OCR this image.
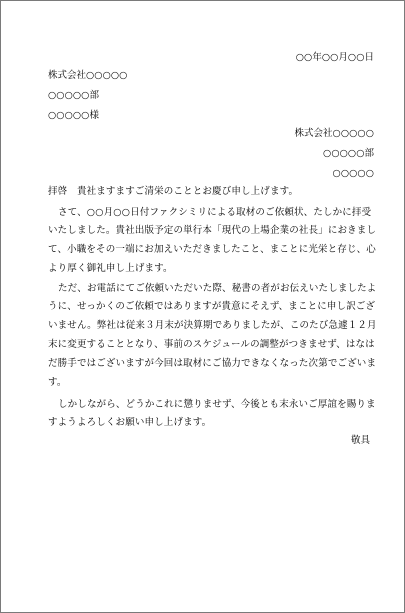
○○年○○月○○日
株式会社○○○○○
○○○○○部
○○○○○様
株式会社○○○○○
○○○○○部
○○○○○
拝啓　貴社ますますご清栄のこととお慶び申し上げます。
さて、○○月○○日付ファクシミリによる取材のご依頼状、たしかに拝受
いたしました。貴社出版予定の単行本「現代の上場企業の社長」におきまし
て、小職をその一端にお加えいただきましたこと、まことに光栄と存じ、心
より厚く御礼申し上げます。
ただ、お電話にてご依頼いただいた際、秘書の者がお伝えいたしましたよ
うに、せっかくのご依頼ではありますが貴意にそえず、まことに申し訳ござ
いません。弊社は従来３月末が決算期でありましたが、このたび急遽１２月
末に変更することとなり、事前のスケジュールの調整がつきませず、はなは
だ勝手ではございますが今回は取材にご協力できなくなった次第でございま
す。
しかしながら、どうかこれに懲りませず、今後とも末永いご厚誼を賜りま
すようよろしくお願い申し上げます。
敬具
